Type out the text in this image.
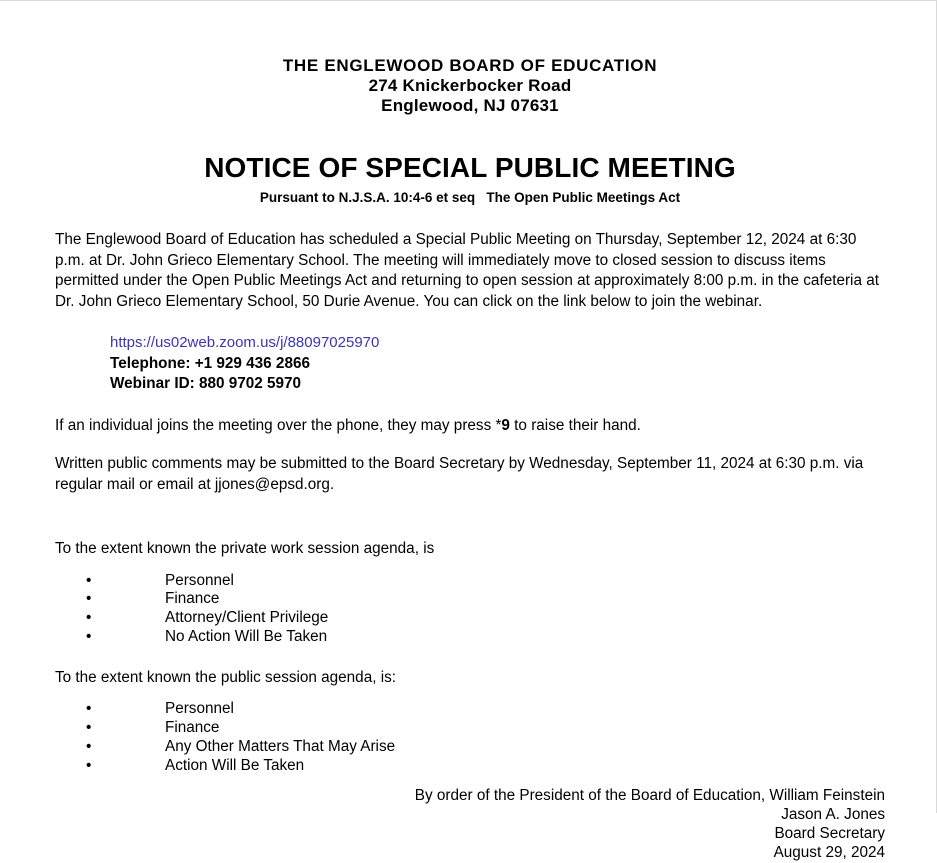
THE ENGLEWOOD BOARD OF EDUCATION
274 Knickerbocker Road
Englewood, NJ 07631
NOTICE OF SPECIAL PUBLIC MEETING
Pursuant to N.J.S.A. 10:4-6 et seq   The Open Public Meetings Act

The Englewood Board of Education has scheduled a Special Public Meeting on Thursday, September 12, 2024 at 6:30 p.m. at Dr. John Grieco Elementary School. The meeting will immediately move to closed session to discuss items permitted under the Open Public Meetings Act and returning to open session at approximately 8:00 p.m. in the cafeteria at Dr. John Grieco Elementary School, 50 Durie Avenue. You can click on the link below to join the webinar.

https://us02web.zoom.us/j/88097025970
Telephone: +1 929 436 2866
Webinar ID: 880 9702 5970

If an individual joins the meeting over the phone, they may press *9 to raise their hand.

Written public comments may be submitted to the Board Secretary by Wednesday, September 11, 2024 at 6:30 p.m. via regular mail or email at jjones@epsd.org.

To the extent known the private work session agenda, is

•	Personnel
•	Finance
•	Attorney/Client Privilege
•	No Action Will Be Taken

To the extent known the public session agenda, is:

•	Personnel
•	Finance
•	Any Other Matters That May Arise
•	Action Will Be Taken
By order of the President of the Board of Education, William Feinstein
Jason A. Jones
Board Secretary
August 29, 2024
